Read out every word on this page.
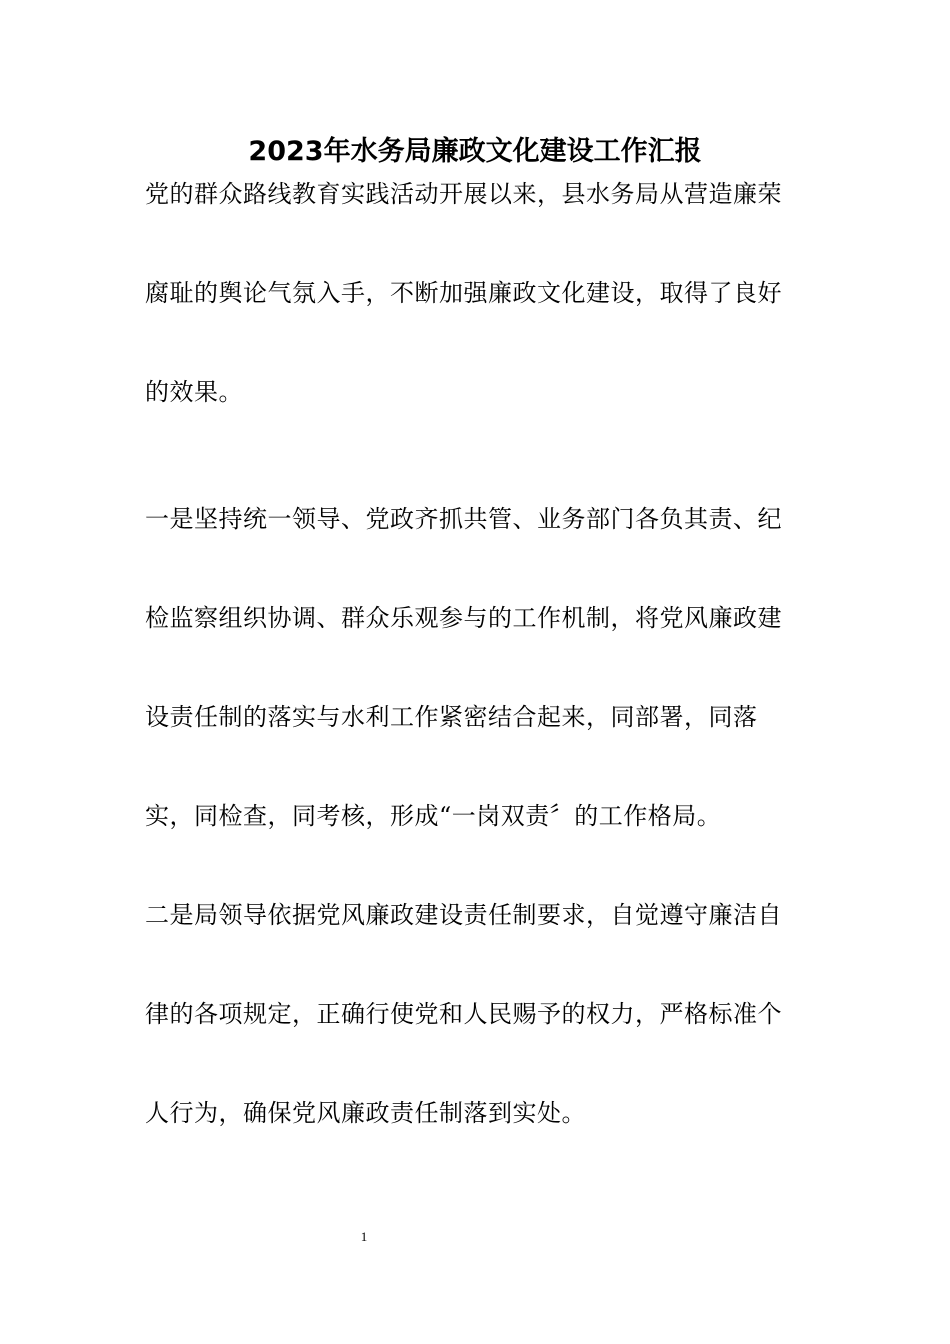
2023年水务局廉政文化建设工作汇报

党的群众路线教育实践活动开展以来，县水务局从营造廉荣腐耻的舆论气氛入手，不断加强廉政文化建设，取得了良好的效果。

一是坚持统一领导、党政齐抓共管、业务部门各负其责、纪检监察组织协调、群众乐观参与的工作机制，将党风廉政建设责任制的落实与水利工作紧密结合起来，同部署，同落实，同检查，同考核，形成“一岗双责〞的工作格局。

二是局领导依据党风廉政建设责任制要求，自觉遵守廉洁自律的各项规定，正确行使党和人民赐予的权力，严格标准个人行为，确保党风廉政责任制落到实处。

1
